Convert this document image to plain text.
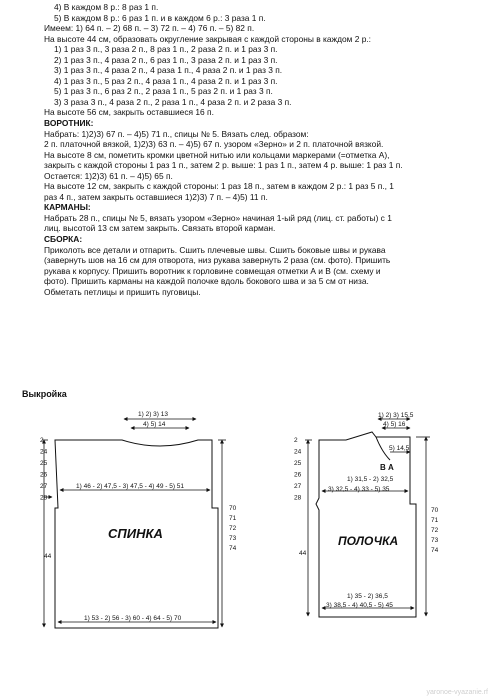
4) В каждом 8 р.: 8 раз 1 п.
5) В каждом 8 р.: 6 раз 1 п. и в каждом 6 р.: 3 раза 1 п.
Имеем: 1) 64 п. – 2) 68 п. – 3) 72 п. – 4) 76 п. – 5) 82 п.
На высоте 44 см, образовать округление закрывая с каждой стороны в каждом 2 р.:
1) 1 раз 3 п., 3 раза 2 п., 8 раз 1 п., 2 раза 2 п. и 1 раз 3 п.
2) 1 раз 3 п., 4 раза 2 п., 6 раз 1 п., 3 раза 2 п. и 1 раз 3 п.
3) 1 раз 3 п., 4 раза 2 п., 4 раза 1 п., 4 раза 2 п. и 1 раз 3 п.
4) 1 раз 3 п., 5 раз 2 п., 4 раза 1 п., 4 раза 2 п. и 1 раз 3 п.
5) 1 раз 3 п., 6 раз 2 п., 2 раза 1 п., 5 раз 2 п. и 1 раз 3 п.
3) 3 раза 3 п., 4 раза 2 п., 2 раза 1 п., 4 раза 2 п. и 2 раза 3 п.
На высоте 56 см, закрыть оставшиеся 16 п.
ВОРОТНИК:
Набрать: 1)2)3) 67 п. – 4)5) 71 п., спицы № 5. Вязать след. образом:
2 п. платочной вязкой, 1)2)3) 63 п. – 4)5) 67 п. узором «Зерно» и 2 п. платочной вязкой.
На высоте 8 см, пометить кромки цветной нитью или кольцами маркерами (=отметка А),
закрыть с каждой стороны 1 раз 1 п., затем 2 р. выше: 1 раз 1 п., затем 4 р. выше: 1 раз 1 п.
Остается: 1)2)3) 61 п. – 4)5) 65 п.
На высоте 12 см, закрыть с каждой стороны: 1 раз 18 п., затем в каждом 2 р.: 1 раз 5 п., 1
раз 4 п., затем закрыть оставшиеся 1)2)3) 7 п. – 4)5) 11 п.
КАРМАНЫ:
Набрать 28 п., спицы № 5, вязать узором «Зерно» начиная 1-ый ряд (лиц. ст. работы) с 1
лиц. высотой 13 см затем закрыть. Связать второй карман.
СБОРКА:
Приколоть все детали и отпарить. Сшить плечевые швы. Сшить боковые швы и рукава
(завернуть шов на 16 см для отворота, низ рукава завернуть 2 раза (см. фото). Пришить
рукава к корпусу. Пришить воротник к горловине совмещая отметки А и В (см. схему и
фото). Пришить карманы на каждой полочке вдоль бокового шва и за 5 см от низа.
Обметать петлицы и пришить пуговицы.
Выкройка
1) 2) 3) 13
4) 5) 14
1) 46 - 2) 47,5 - 3) 47,5 - 4) 49 - 5) 51
1) 53 - 2) 56 - 3) 60 - 4) 64 - 5) 70
44
2
24
25
26
27
28
70
71
72
73
74
СПИНКА
1) 2) 3) 15,5
4) 5) 16
5) 14,5
В А
1) 31,5 - 2) 32,5
3) 32,5 - 4) 33 - 5) 35
1) 35 - 2) 36,5
3) 38,5 - 4) 40,5 - 5) 45
44
2
24
25
26
27
28
70
71
72
73
74
ПОЛОЧКА
yaronoe-vyazanie.rf
